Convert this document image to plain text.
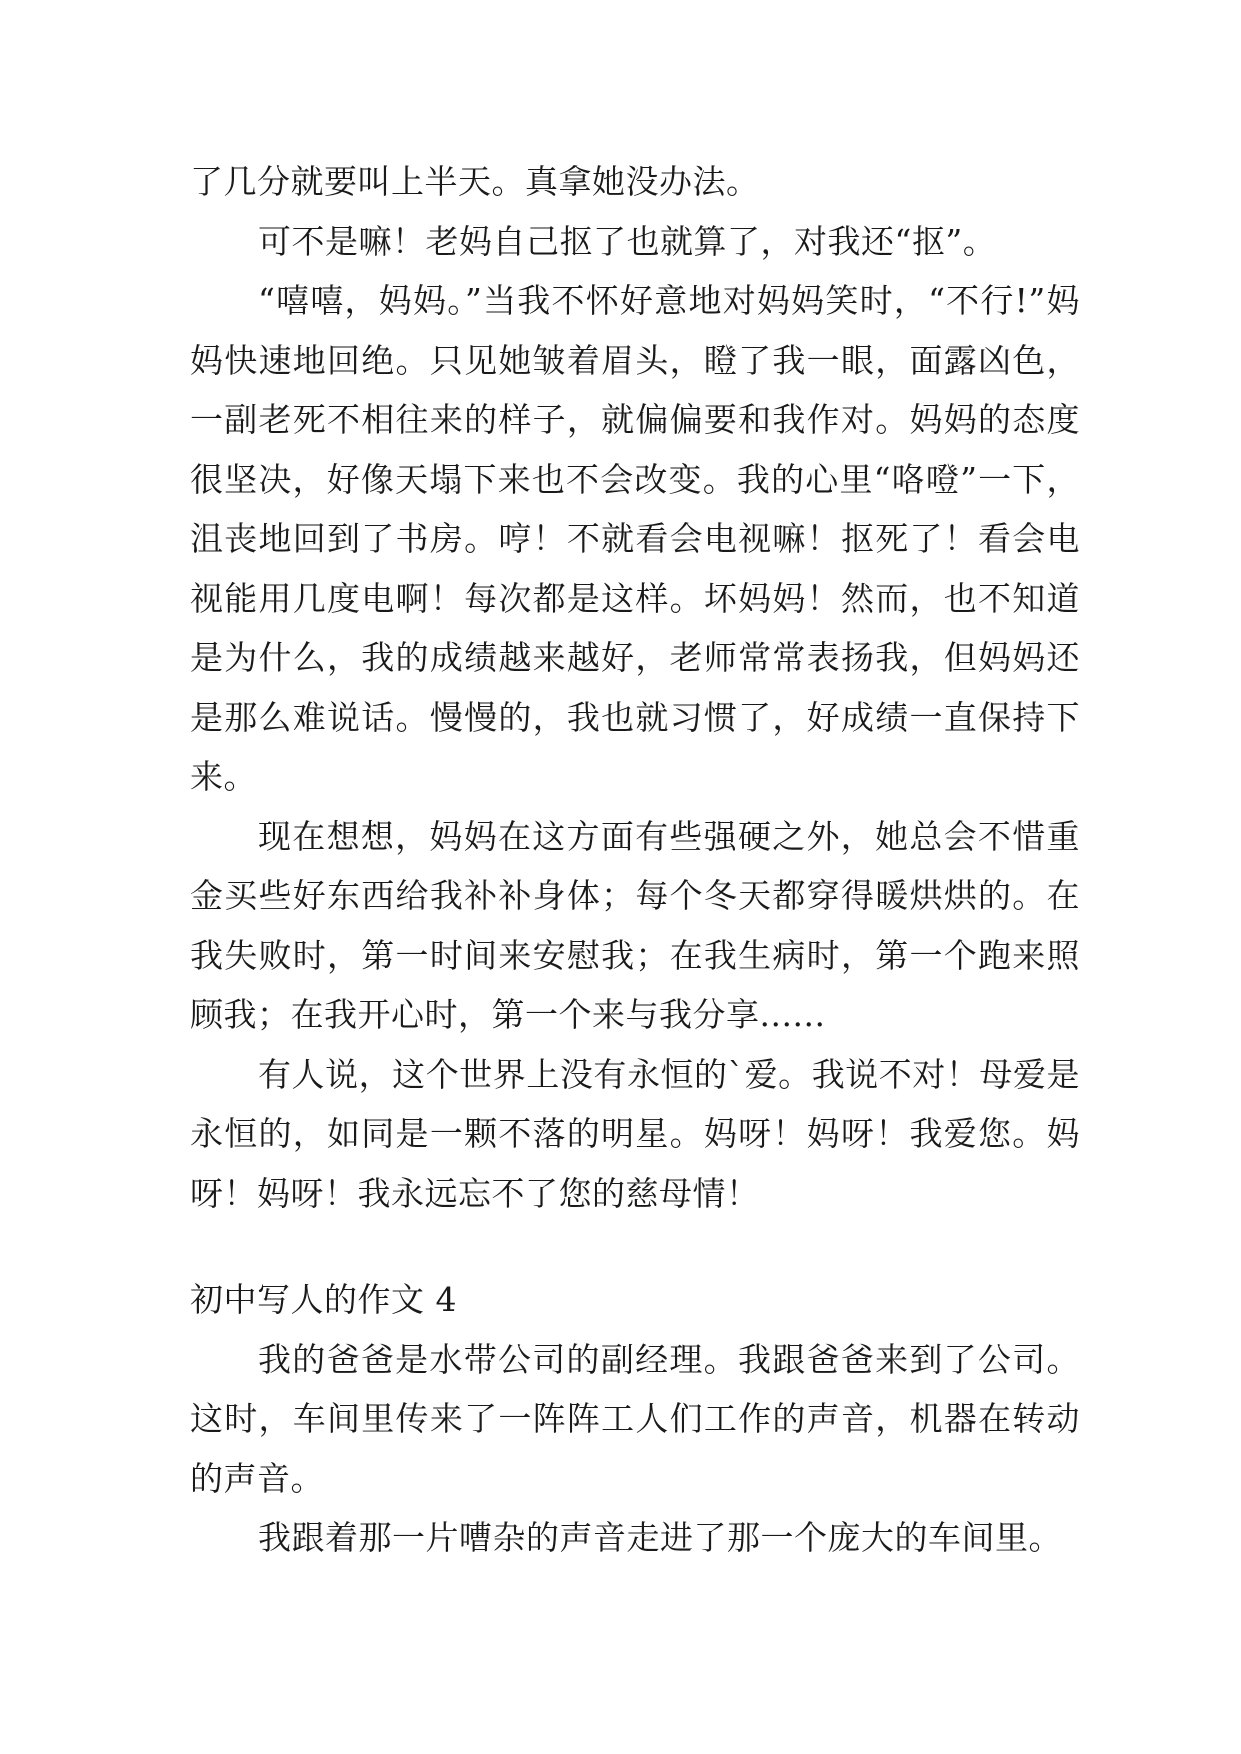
了几分就要叫上半天。真拿她没办法。

可不是嘛！老妈自己抠了也就算了，对我还“抠”。

“嘻嘻，妈妈。”当我不怀好意地对妈妈笑时，“不行!”妈妈快速地回绝。只见她皱着眉头，瞪了我一眼，面露凶色，一副老死不相往来的样子，就偏偏要和我作对。妈妈的态度很坚决，好像天塌下来也不会改变。我的心里“咯噔”一下，沮丧地回到了书房。哼！不就看会电视嘛！抠死了！看会电视能用几度电啊！每次都是这样。坏妈妈！然而，也不知道是为什么，我的成绩越来越好，老师常常表扬我，但妈妈还是那么难说话。慢慢的，我也就习惯了，好成绩一直保持下来。

现在想想，妈妈在这方面有些强硬之外，她总会不惜重金买些好东西给我补补身体；每个冬天都穿得暖烘烘的。在我失败时，第一时间来安慰我；在我生病时，第一个跑来照顾我；在我开心时，第一个来与我分享......

有人说，这个世界上没有永恒的`爱。我说不对！母爱是永恒的，如同是一颗不落的明星。妈呀！妈呀！我爱您。妈呀！妈呀！我永远忘不了您的慈母情！

初中写人的作文 4

我的爸爸是水带公司的副经理。我跟爸爸来到了公司。这时，车间里传来了一阵阵工人们工作的声音，机器在转动的声音。

我跟着那一片嘈杂的声音走进了那一个庞大的车间里。
